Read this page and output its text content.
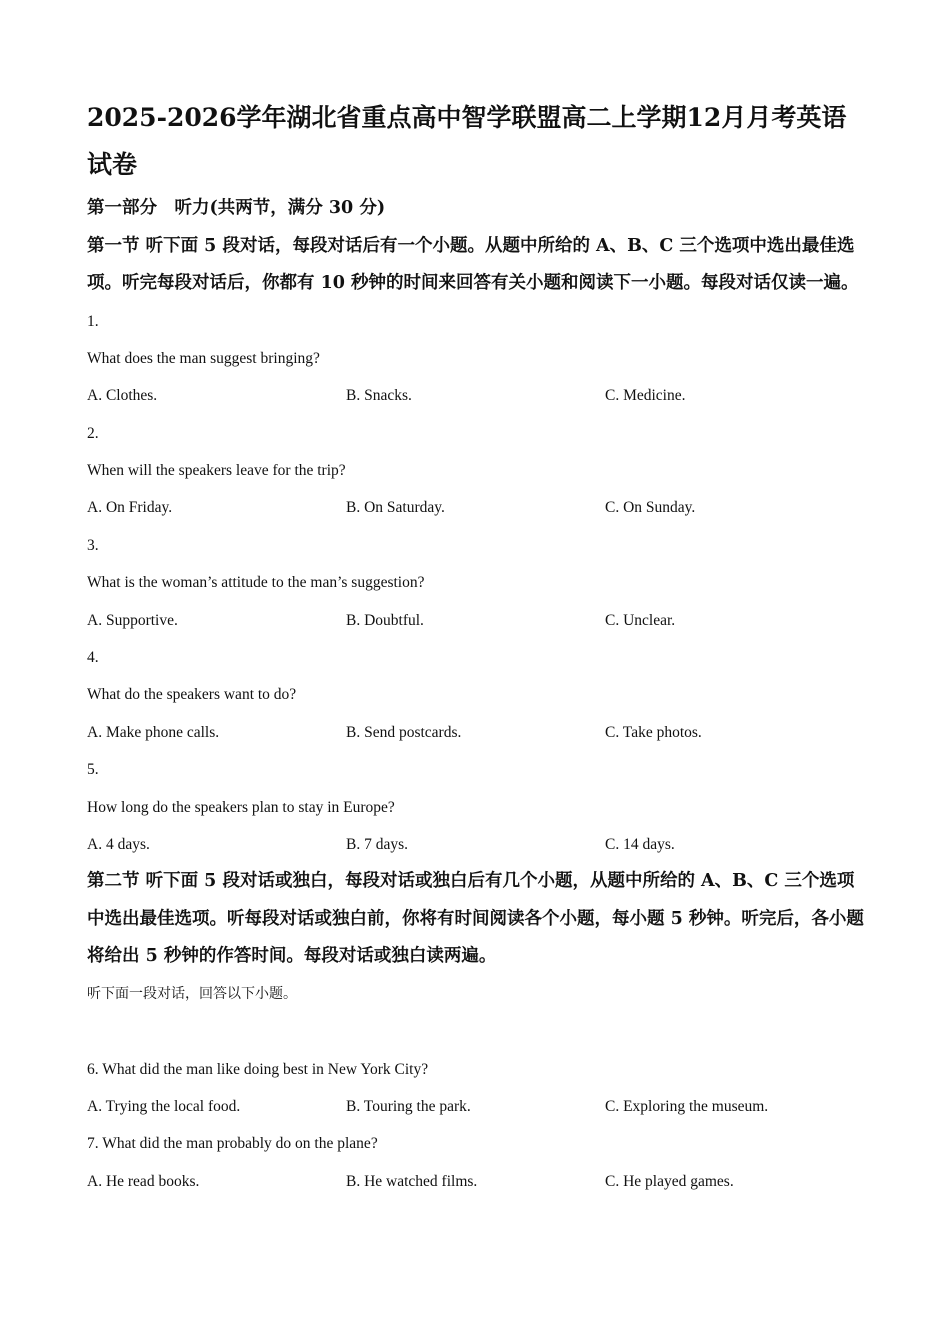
2025-2026学年湖北省重点高中智学联盟高二上学期12月月考英语试卷

第一部分　听力(共两节，满分 30 分)

第一节 听下面 5 段对话，每段对话后有一个小题。从题中所给的 A、B、C 三个选项中选出最佳选项。听完每段对话后，你都有 10 秒钟的时间来回答有关小题和阅读下一小题。每段对话仅读一遍。

1.

What does the man suggest bringing?

A. Clothes.	B. Snacks.	C. Medicine.

2.

When will the speakers leave for the trip?

A. On Friday.	B. On Saturday.	C. On Sunday.

3.

What is the woman’s attitude to the man’s suggestion?

A. Supportive.	B. Doubtful.	C. Unclear.

4.

What do the speakers want to do?

A. Make phone calls.	B. Send postcards.	C. Take photos.

5.

How long do the speakers plan to stay in Europe?

A. 4 days.	B. 7 days.	C. 14 days.

第二节 听下面 5 段对话或独白，每段对话或独白后有几个小题，从题中所给的 A、B、C 三个选项中选出最佳选项。听每段对话或独白前，你将有时间阅读各个小题，每小题 5 秒钟。听完后，各小题将给出 5 秒钟的作答时间。每段对话或独白读两遍。

听下面一段对话，回答以下小题。

6. What did the man like doing best in New York City?

A. Trying the local food.	B. Touring the park.	C. Exploring the museum.

7. What did the man probably do on the plane?

A. He read books.	B. He watched films.	C. He played games.
